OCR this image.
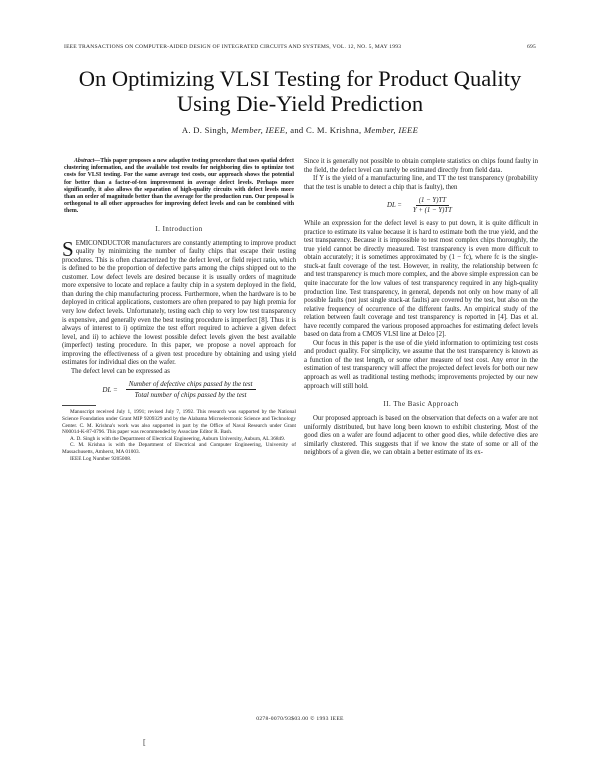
IEEE TRANSACTIONS ON COMPUTER-AIDED DESIGN OF INTEGRATED CIRCUITS AND SYSTEMS, VOL. 12, NO. 5, MAY 1993	695
On Optimizing VLSI Testing for Product Quality
Using Die-Yield Prediction
A. D. Singh, Member, IEEE, and C. M. Krishna, Member, IEEE

Abstract—This paper proposes a new adaptive testing procedure that uses spatial defect clustering information, and the available test results for neighboring dies to optimize test costs for VLSI testing. For the same average test costs, our approach shows the potential for better than a factor-of-ten improvement in average defect levels. Perhaps more significantly, it also allows the separation of high-quality circuits with defect levels more than an order of magnitude better than the average for the production run. Our proposal is orthogonal to all other approaches for improving defect levels and can be combined with them.

I. Introduction

SEMICONDUCTOR manufacturers are constantly attempting to improve product quality by minimizing the number of faulty chips that escape their testing procedures. This is often characterized by the defect level, or field reject ratio, which is defined to be the proportion of defective parts among the chips shipped out to the customer. Low defect levels are desired because it is usually orders of magnitude more expensive to locate and replace a faulty chip in a system deployed in the field, than during the chip manufacturing process. Furthermore, when the hardware is to be deployed in critical applications, customers are often prepared to pay high premia for very low defect levels. Unfortunately, testing each chip to very low test transparency is expensive, and generally even the best testing procedure is imperfect [8]. Thus it is always of interest to i) optimize the test effort required to achieve a given defect level, and ii) to achieve the lowest possible defect levels given the best available (imperfect) testing procedure. In this paper, we propose a novel approach for improving the effectiveness of a given test procedure by obtaining and using yield estimates for individual dies on the wafer.

The defect level can be expressed as

DL = $\frac{\text{Number of defective chips passed by the test}}{\text{Total number of chips passed by the test}}$

Manuscript received July 1, 1991; revised July 7, 1992. This research was supported by the National Science Foundation under Grant MIP 9209329 and by the Alabama Microelectronic Science and Technology Center. C. M. Krishna's work was also supported in part by the Office of Naval Research under Grant N00014-K-87-0796. This paper was recommended by Associate Editor R. Bash.

A. D. Singh is with the Department of Electrical Engineering, Auburn University, Auburn, AL 36849.

C. M. Krishna is with the Department of Electrical and Computer Engineering, University of Massachusetts, Amherst, MA 01003.

IEEE Log Number 9205008.

Since it is generally not possible to obtain complete statistics on chips found faulty in the field, the defect level can rarely be estimated directly from field data.

If Y is the yield of a manufacturing line, and TT the test transparency (probability that the test is unable to detect a chip that is faulty), then

DL = $\frac{(1 - Y)TT}{Y + (1 - Y)TT}$

While an expression for the defect level is easy to put down, it is quite difficult in practice to estimate its value because it is hard to estimate both the true yield, and the test transparency. Because it is impossible to test most complex chips thoroughly, the true yield cannot be directly measured. Test transparency is even more difficult to obtain accurately; it is sometimes approximated by (1 − fc), where fc is the single-stuck-at fault coverage of the test. However, in reality, the relationship between fc and test transparency is much more complex, and the above simple expression can be quite inaccurate for the low values of test transparency required in any high-quality production line. Test transparency, in general, depends not only on how many of all possible faults (not just single stuck-at faults) are covered by the test, but also on the relative frequency of occurrence of the different faults. An empirical study of the relation between fault coverage and test transparency is reported in [4]. Das et al. have recently compared the various proposed approaches for estimating defect levels based on data from a CMOS VLSI line at Delco [2].

Our focus in this paper is the use of die yield information to optimizing test costs and product quality. For simplicity, we assume that the test transparency is known as a function of the test length, or some other measure of test cost. Any error in the estimation of test transparency will affect the projected defect levels for both our new approach as well as traditional testing methods; improvements projected by our new approach will still hold.

II. The Basic Approach

Our proposed approach is based on the observation that defects on a wafer are not uniformly distributed, but have long been known to exhibit clustering. Most of the good dies on a wafer are found adjacent to other good dies, while defective dies are similarly clustered. This suggests that if we know the state of some or all of the neighbors of a given die, we can obtain a better estimate of its ex-

0278-0070/93$03.00 © 1993 IEEE
[
